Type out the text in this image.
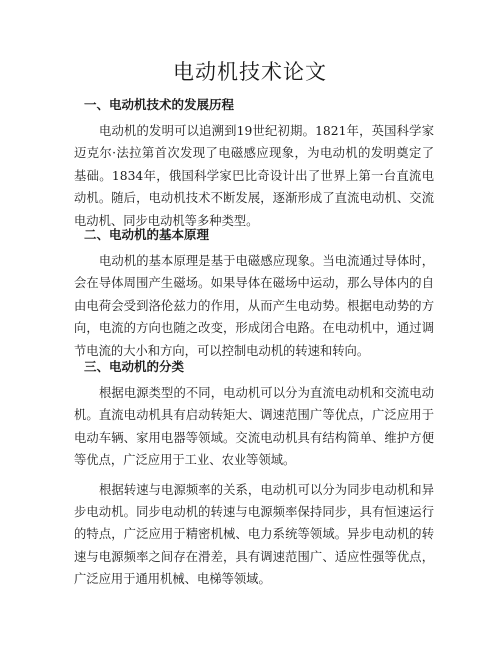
电动机技术论文
一、电动机技术的发展历程

电动机的发明可以追溯到19世纪初期。1821年，英国科学家迈克尔·法拉第首次发现了电磁感应现象，为电动机的发明奠定了基础。1834年，俄国科学家巴比奇设计出了世界上第一台直流电动机。随后，电动机技术不断发展，逐渐形成了直流电动机、交流电动机、同步电动机等多种类型。

二、电动机的基本原理

电动机的基本原理是基于电磁感应现象。当电流通过导体时，会在导体周围产生磁场。如果导体在磁场中运动，那么导体内的自由电荷会受到洛伦兹力的作用，从而产生电动势。根据电动势的方向，电流的方向也随之改变，形成闭合电路。在电动机中，通过调节电流的大小和方向，可以控制电动机的转速和转向。

三、电动机的分类

根据电源类型的不同，电动机可以分为直流电动机和交流电动机。直流电动机具有启动转矩大、调速范围广等优点，广泛应用于电动车辆、家用电器等领域。交流电动机具有结构简单、维护方便等优点，广泛应用于工业、农业等领域。

根据转速与电源频率的关系，电动机可以分为同步电动机和异步电动机。同步电动机的转速与电源频率保持同步，具有恒速运行的特点，广泛应用于精密机械、电力系统等领域。异步电动机的转速与电源频率之间存在滑差，具有调速范围广、适应性强等优点，广泛应用于通用机械、电梯等领域。
